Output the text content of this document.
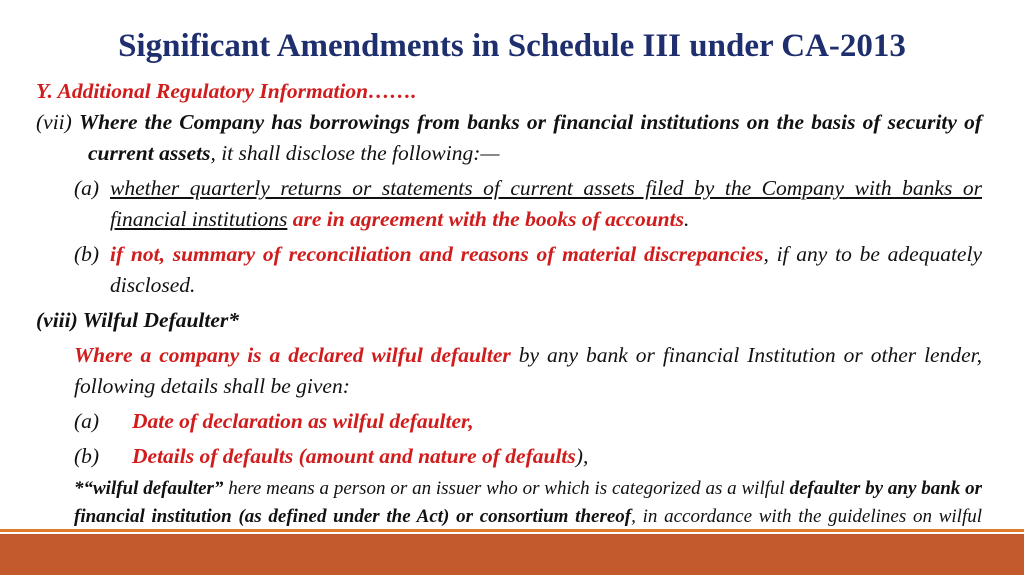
Significant Amendments in Schedule III under CA-2013

Y. Additional Regulatory Information…….

(vii) Where the Company has borrowings from banks or financial institutions on the basis of security of current assets, it shall disclose the following:—

(a) whether quarterly returns or statements of current assets filed by the Company with banks or financial institutions are in agreement with the books of accounts.

(b) if not, summary of reconciliation and reasons of material discrepancies, if any to be adequately disclosed.

(viii) Wilful Defaulter*

Where a company is a declared wilful defaulter by any bank or financial Institution or other lender, following details shall be given:

(a) Date of declaration as wilful defaulter,

(b) Details of defaults (amount and nature of defaults),

*“wilful defaulter” here means a person or an issuer who or which is categorized as a wilful defaulter by any bank or financial institution (as defined under the Act) or consortium thereof, in accordance with the guidelines on wilful
